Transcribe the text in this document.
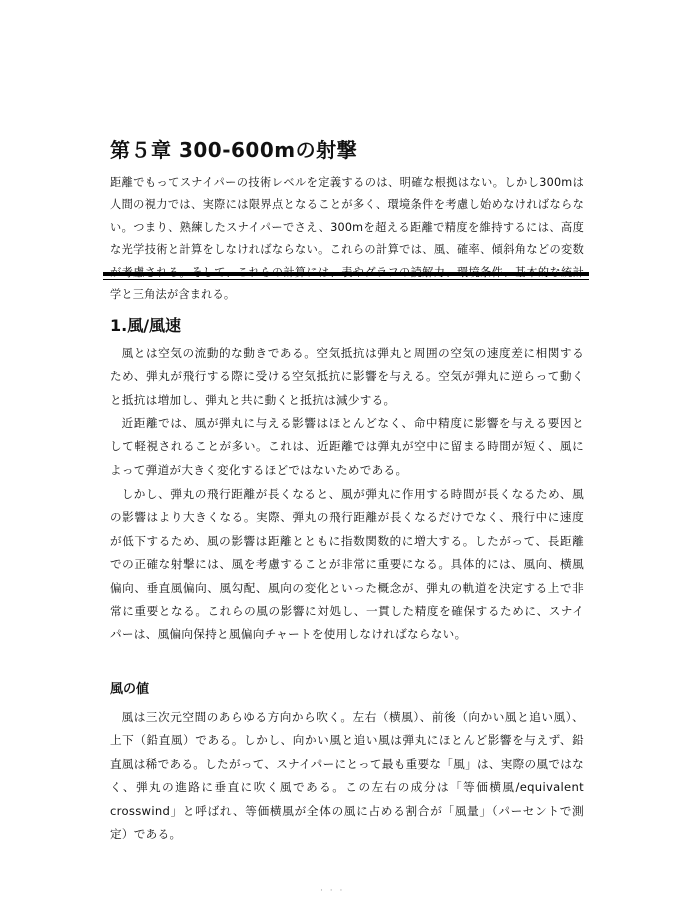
第５章 300-600mの射撃

距離でもってスナイパーの技術レベルを定義するのは、明確な根拠はない。しかし300mは人間の視力では、実際には限界点となることが多く、環境条件を考慮し始めなければならない。つまり、熟練したスナイパーでさえ、300mを超える距離で精度を維持するには、高度な光学技術と計算をしなければならない。これらの計算では、風、確率、傾斜角などの変数 学と三角法が含まれる。

1.風/風速

風とは空気の流動的な動きである。空気抵抗は弾丸と周囲の空気の速度差に相関するため、弾丸が飛行する際に受ける空気抵抗に影響を与える。空気が弾丸に逆らって動くと抵抗は増加し、弾丸と共に動くと抵抗は減少する。

近距離では、風が弾丸に与える影響はほとんどなく、命中精度に影響を与える要因として軽視されることが多い。これは、近距離では弾丸が空中に留まる時間が短く、風によって弾道が大きく変化するほどではないためである。

しかし、弾丸の飛行距離が長くなると、風が弾丸に作用する時間が長くなるため、風の影響はより大きくなる。実際、弾丸の飛行距離が長くなるだけでなく、飛行中に速度が低下するため、風の影響は距離とともに指数関数的に増大する。したがって、長距離での正確な射撃には、風を考慮することが非常に重要になる。具体的には、風向、横風偏向、垂直風偏向、風勾配、風向の変化といった概念が、弾丸の軌道を決定する上で非常に重要となる。これらの風の影響に対処し、一貫した精度を確保するために、スナイパーは、風偏向保持と風偏向チャートを使用しなければならない。

風の値

風は三次元空間のあらゆる方向から吹く。左右（横風）、前後（向かい風と追い風）、上下（鉛直風）である。しかし、向かい風と追い風は弾丸にほとんど影響を与えず、鉛直風は稀である。したがって、スナイパーにとって最も重要な「風」は、実際の風ではなく、弾丸の進路に垂直に吹く風である。この左右の成分は「等価横風/equivalent crosswind」と呼ばれ、等価横風が全体の風に占める割合が「風量」（パーセントで測定）である。

· · ·
